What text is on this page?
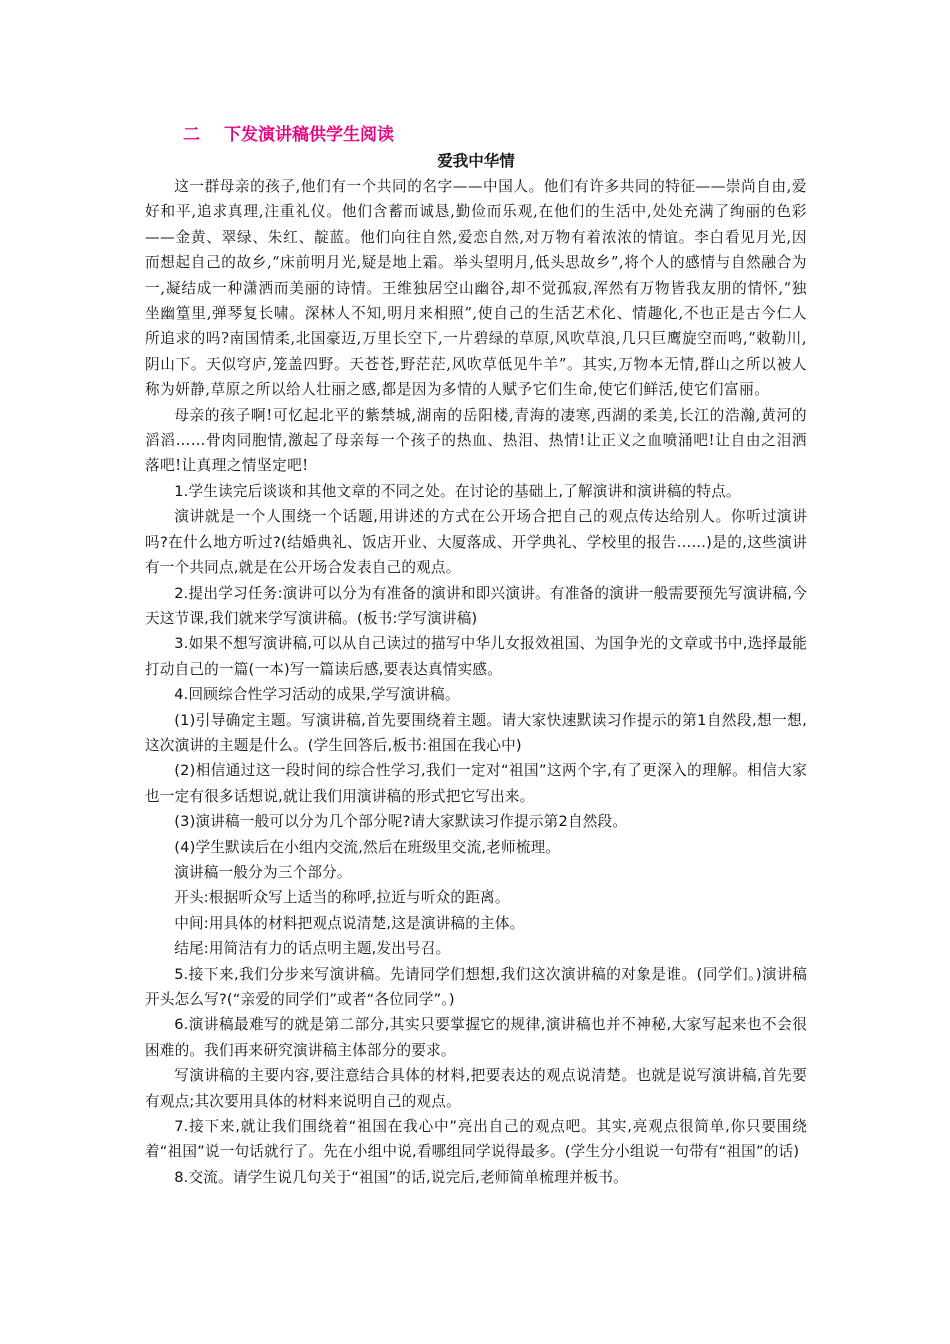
二 下发演讲稿供学生阅读
爱我中华情

这一群母亲的孩子,他们有一个共同的名字——中国人。他们有许多共同的特征——崇尚自由,爱好和平,追求真理,注重礼仪。他们含蓄而诚恳,勤俭而乐观,在他们的生活中,处处充满了绚丽的色彩——金黄、翠绿、朱红、靛蓝。他们向往自然,爱恋自然,对万物有着浓浓的情谊。李白看见月光,因而想起自己的故乡,“床前明月光,疑是地上霜。举头望明月,低头思故乡”,将个人的感情与自然融合为一,凝结成一种潇洒而美丽的诗情。王维独居空山幽谷,却不觉孤寂,浑然有万物皆我友朋的情怀,“独坐幽篁里,弹琴复长啸。深林人不知,明月来相照”,使自己的生活艺术化、情趣化,不也正是古今仁人所追求的吗?南国情柔,北国豪迈,万里长空下,一片碧绿的草原,风吹草浪,几只巨鹰旋空而鸣,“敕勒川,阴山下。天似穹庐,笼盖四野。天苍苍,野茫茫,风吹草低见牛羊”。其实,万物本无情,群山之所以被人称为妍静,草原之所以给人壮丽之感,都是因为多情的人赋予它们生命,使它们鲜活,使它们富丽。

母亲的孩子啊!可忆起北平的紫禁城,湖南的岳阳楼,青海的凄寒,西湖的柔美,长江的浩瀚,黄河的滔滔……骨肉同胞情,激起了母亲每一个孩子的热血、热泪、热情!让正义之血喷涌吧!让自由之泪洒落吧!让真理之情坚定吧!

1.学生读完后谈谈和其他文章的不同之处。在讨论的基础上,了解演讲和演讲稿的特点。

演讲就是一个人围绕一个话题,用讲述的方式在公开场合把自己的观点传达给别人。你听过演讲吗?在什么地方听过?(结婚典礼、饭店开业、大厦落成、开学典礼、学校里的报告……)是的,这些演讲有一个共同点,就是在公开场合发表自己的观点。

2.提出学习任务:演讲可以分为有准备的演讲和即兴演讲。有准备的演讲一般需要预先写演讲稿,今天这节课,我们就来学写演讲稿。(板书:学写演讲稿)

3.如果不想写演讲稿,可以从自己读过的描写中华儿女报效祖国、为国争光的文章或书中,选择最能打动自己的一篇(一本)写一篇读后感,要表达真情实感。

4.回顾综合性学习活动的成果,学写演讲稿。

(1)引导确定主题。写演讲稿,首先要围绕着主题。请大家快速默读习作提示的第1自然段,想一想,这次演讲的主题是什么。(学生回答后,板书:祖国在我心中)

(2)相信通过这一段时间的综合性学习,我们一定对“祖国”这两个字,有了更深入的理解。相信大家也一定有很多话想说,就让我们用演讲稿的形式把它写出来。

(3)演讲稿一般可以分为几个部分呢?请大家默读习作提示第2自然段。

(4)学生默读后在小组内交流,然后在班级里交流,老师梳理。

演讲稿一般分为三个部分。

开头:根据听众写上适当的称呼,拉近与听众的距离。

中间:用具体的材料把观点说清楚,这是演讲稿的主体。

结尾:用简洁有力的话点明主题,发出号召。

5.接下来,我们分步来写演讲稿。先请同学们想想,我们这次演讲稿的对象是谁。(同学们。)演讲稿开头怎么写?(“亲爱的同学们”或者“各位同学”。)

6.演讲稿最难写的就是第二部分,其实只要掌握它的规律,演讲稿也并不神秘,大家写起来也不会很困难的。我们再来研究演讲稿主体部分的要求。

写演讲稿的主要内容,要注意结合具体的材料,把要表达的观点说清楚。也就是说写演讲稿,首先要有观点;其次要用具体的材料来说明自己的观点。

7.接下来,就让我们围绕着“祖国在我心中”亮出自己的观点吧。其实,亮观点很简单,你只要围绕着“祖国”说一句话就行了。先在小组中说,看哪组同学说得最多。(学生分小组说一句带有“祖国”的话)

8.交流。请学生说几句关于“祖国”的话,说完后,老师简单梳理并板书。
